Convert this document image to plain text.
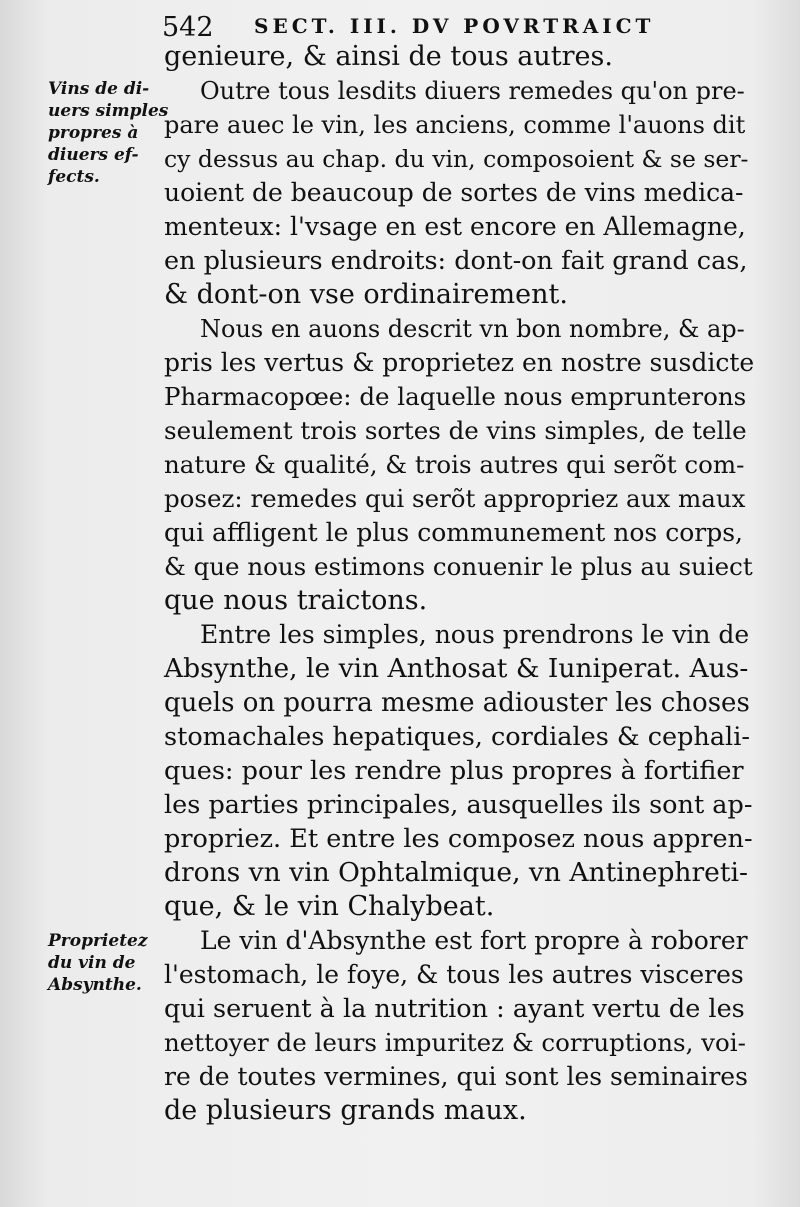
542 SECT. III. DV POVRTRAICT
Vins de di-
uers simples
propres à
diuers ef-
fects.
Proprietez
du vin de
Absynthe.
genieure, & ainsi de tous autres.
Outre tous lesdits diuers remedes qu'on pre-
pare auec le vin, les anciens, comme l'auons dit
cy dessus au chap. du vin, composoient & se ser-
uoient de beaucoup de sortes de vins medica-
menteux: l'vsage en est encore en Allemagne,
en plusieurs endroits: dont-on fait grand cas,
& dont-on vse ordinairement.
Nous en auons descrit vn bon nombre, & ap-
pris les vertus & proprietez en nostre susdicte
Pharmacopœe: de laquelle nous emprunterons
seulement trois sortes de vins simples, de telle
nature & qualité, & trois autres qui serõt com-
posez: remedes qui serõt appropriez aux maux
qui affligent le plus communement nos corps,
& que nous estimons conuenir le plus au suiect
que nous traictons.
Entre les simples, nous prendrons le vin de
Absynthe, le vin Anthosat & Iuniperat. Aus-
quels on pourra mesme adiouster les choses
stomachales hepatiques, cordiales & cephali-
ques: pour les rendre plus propres à fortifier
les parties principales, ausquelles ils sont ap-
propriez. Et entre les composez nous appren-
drons vn vin Ophtalmique, vn Antinephreti-
que, & le vin Chalybeat.
Le vin d'Absynthe est fort propre à roborer
l'estomach, le foye, & tous les autres visceres
qui seruent à la nutrition : ayant vertu de les
nettoyer de leurs impuritez & corruptions, voi-
re de toutes vermines, qui sont les seminaires
de plusieurs grands maux.
